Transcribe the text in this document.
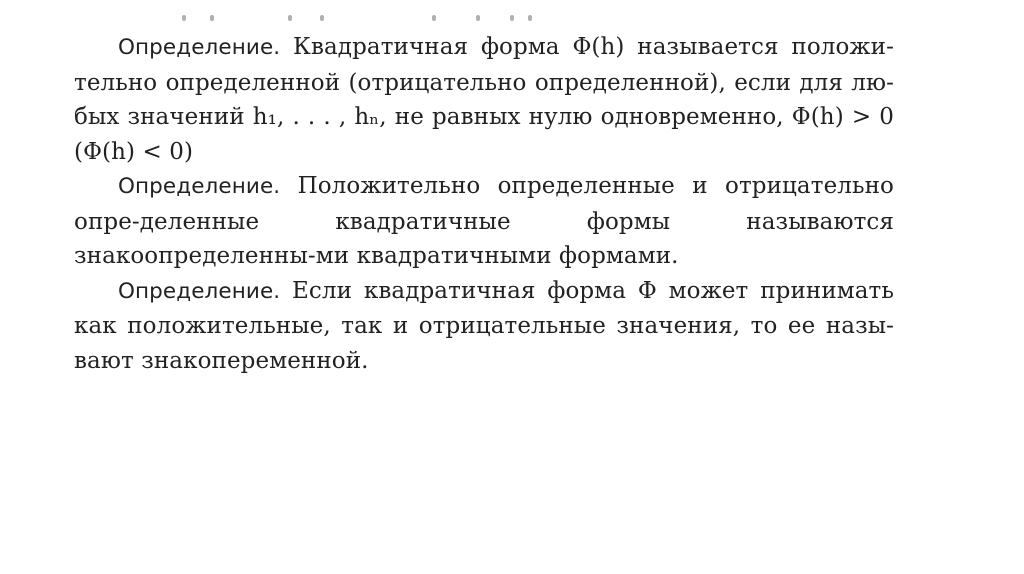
Определение. Квадратичная форма Φ(h) называется положи-тельно определенной (отрицательно определенной), если для лю-бых значений h₁, . . . , hₙ, не равных нулю одновременно, Φ(h) > 0 (Φ(h) < 0)

Определение. Положительно определенные и отрицательно опре-деленные квадратичные формы называются знакоопределенны-ми квадратичными формами.

Определение. Если квадратичная форма Φ может принимать как положительные, так и отрицательные значения, то ее назы-вают знакопеременной.
